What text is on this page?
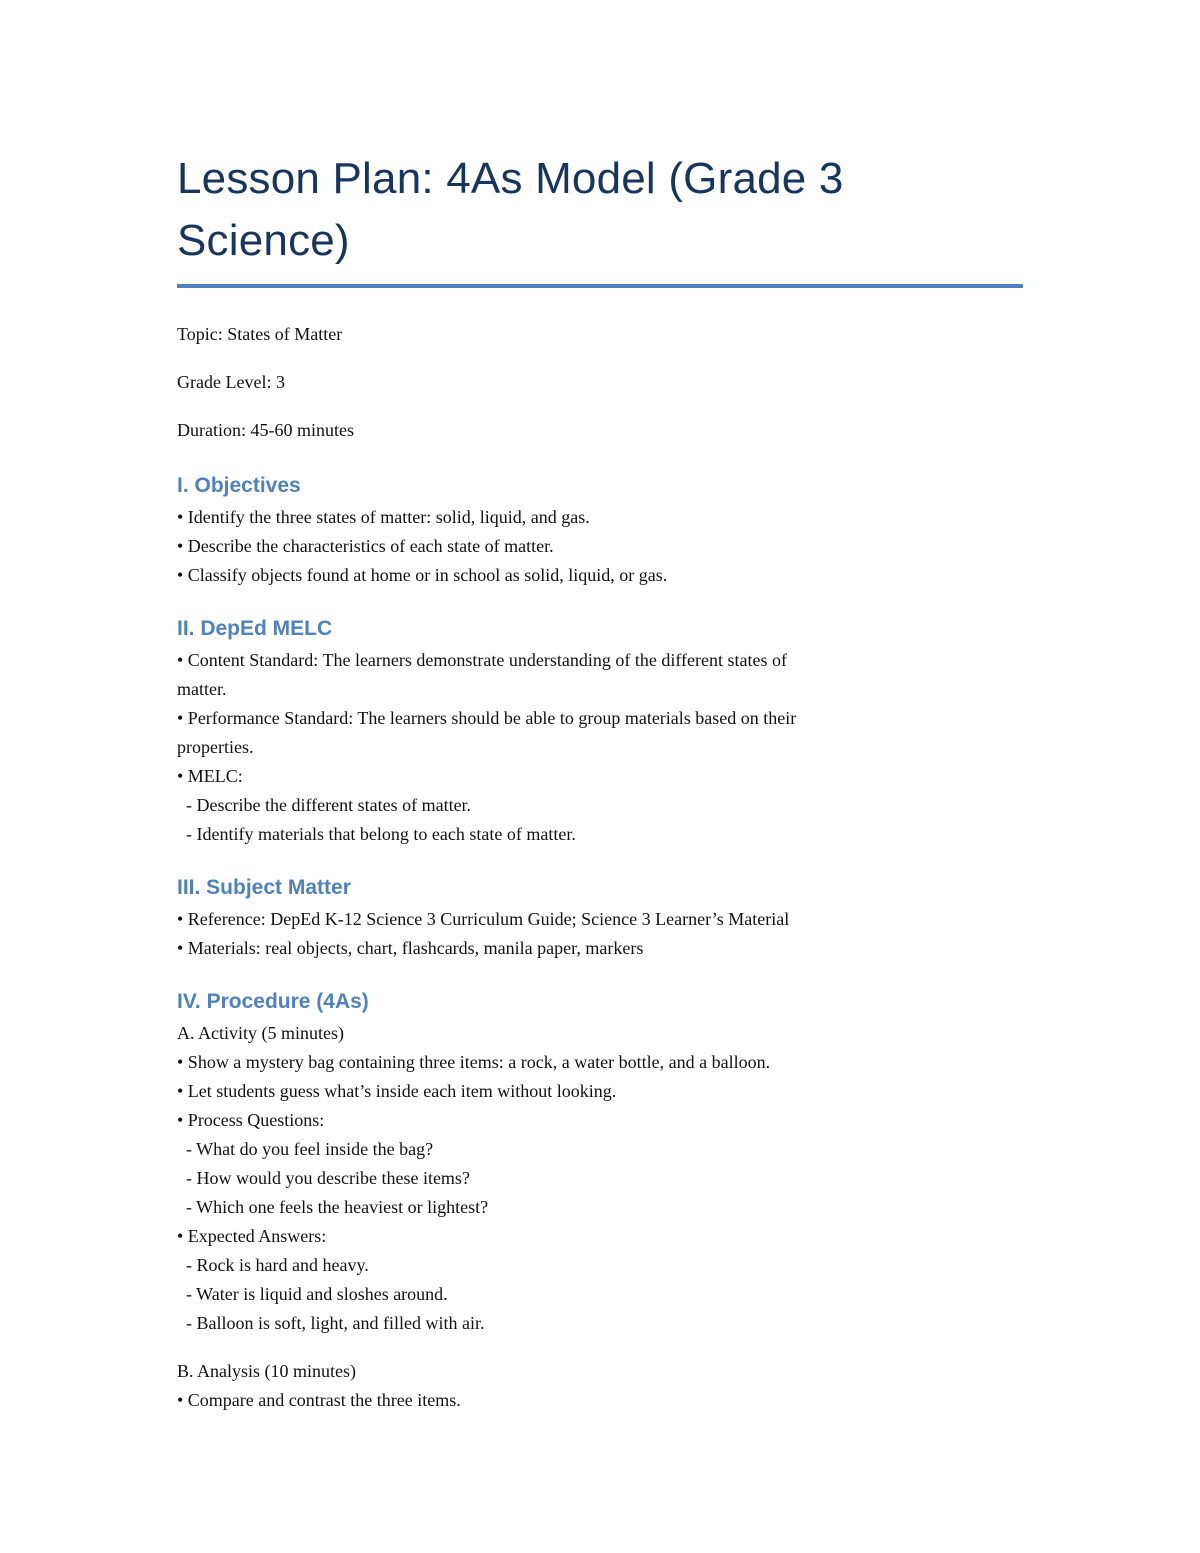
Lesson Plan: 4As Model (Grade 3 Science)

Topic: States of Matter

Grade Level: 3

Duration: 45-60 minutes

I. Objectives
• Identify the three states of matter: solid, liquid, and gas.
• Describe the characteristics of each state of matter.
• Classify objects found at home or in school as solid, liquid, or gas.
II. DepEd MELC
• Content Standard: The learners demonstrate understanding of the different states of
matter.
• Performance Standard: The learners should be able to group materials based on their
properties.
• MELC:
- Describe the different states of matter.
- Identify materials that belong to each state of matter.
III. Subject Matter
• Reference: DepEd K-12 Science 3 Curriculum Guide; Science 3 Learner’s Material
• Materials: real objects, chart, flashcards, manila paper, markers
IV. Procedure (4As)
A. Activity (5 minutes)
• Show a mystery bag containing three items: a rock, a water bottle, and a balloon.
• Let students guess what’s inside each item without looking.
• Process Questions:
- What do you feel inside the bag?
- How would you describe these items?
- Which one feels the heaviest or lightest?
• Expected Answers:
- Rock is hard and heavy.
- Water is liquid and sloshes around.
- Balloon is soft, light, and filled with air.
B. Analysis (10 minutes)
• Compare and contrast the three items.
